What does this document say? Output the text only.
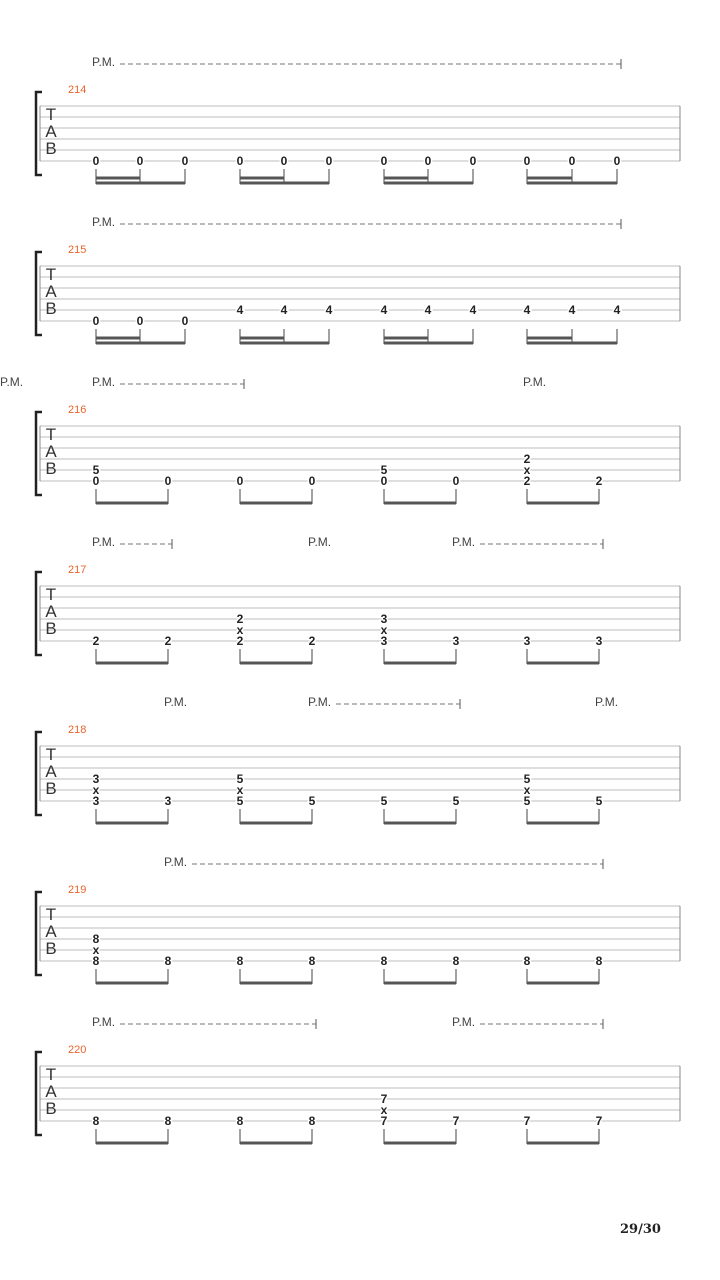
T
A
B
214
P.M.
0	0	0	0	0	0	0	0	0	0	0	0
T
A
B
215
P.M.
0	0	0
4	4	4	4	4	4	4	4	4
T
A
B
216
P.M.	P.M.
P.M.
5
0	0	0	0
5
0	0
2
x
2	2
T
A
B
217
P.M.	P.M.	P.M.
2	2
2
x
2	2
3
x
3	3	3	3
T
A
B
218
P.M.	P.M.	P.M.
3
x
3	3
5
x
5	5	5	5
5
x
5	5
T
A
B
219
P.M.
8
x
8	8	8	8	8	8	8	8
T
A
B
220
P.M.	P.M.
8	8	8	8
7
x
7	7	7	7
29/30
